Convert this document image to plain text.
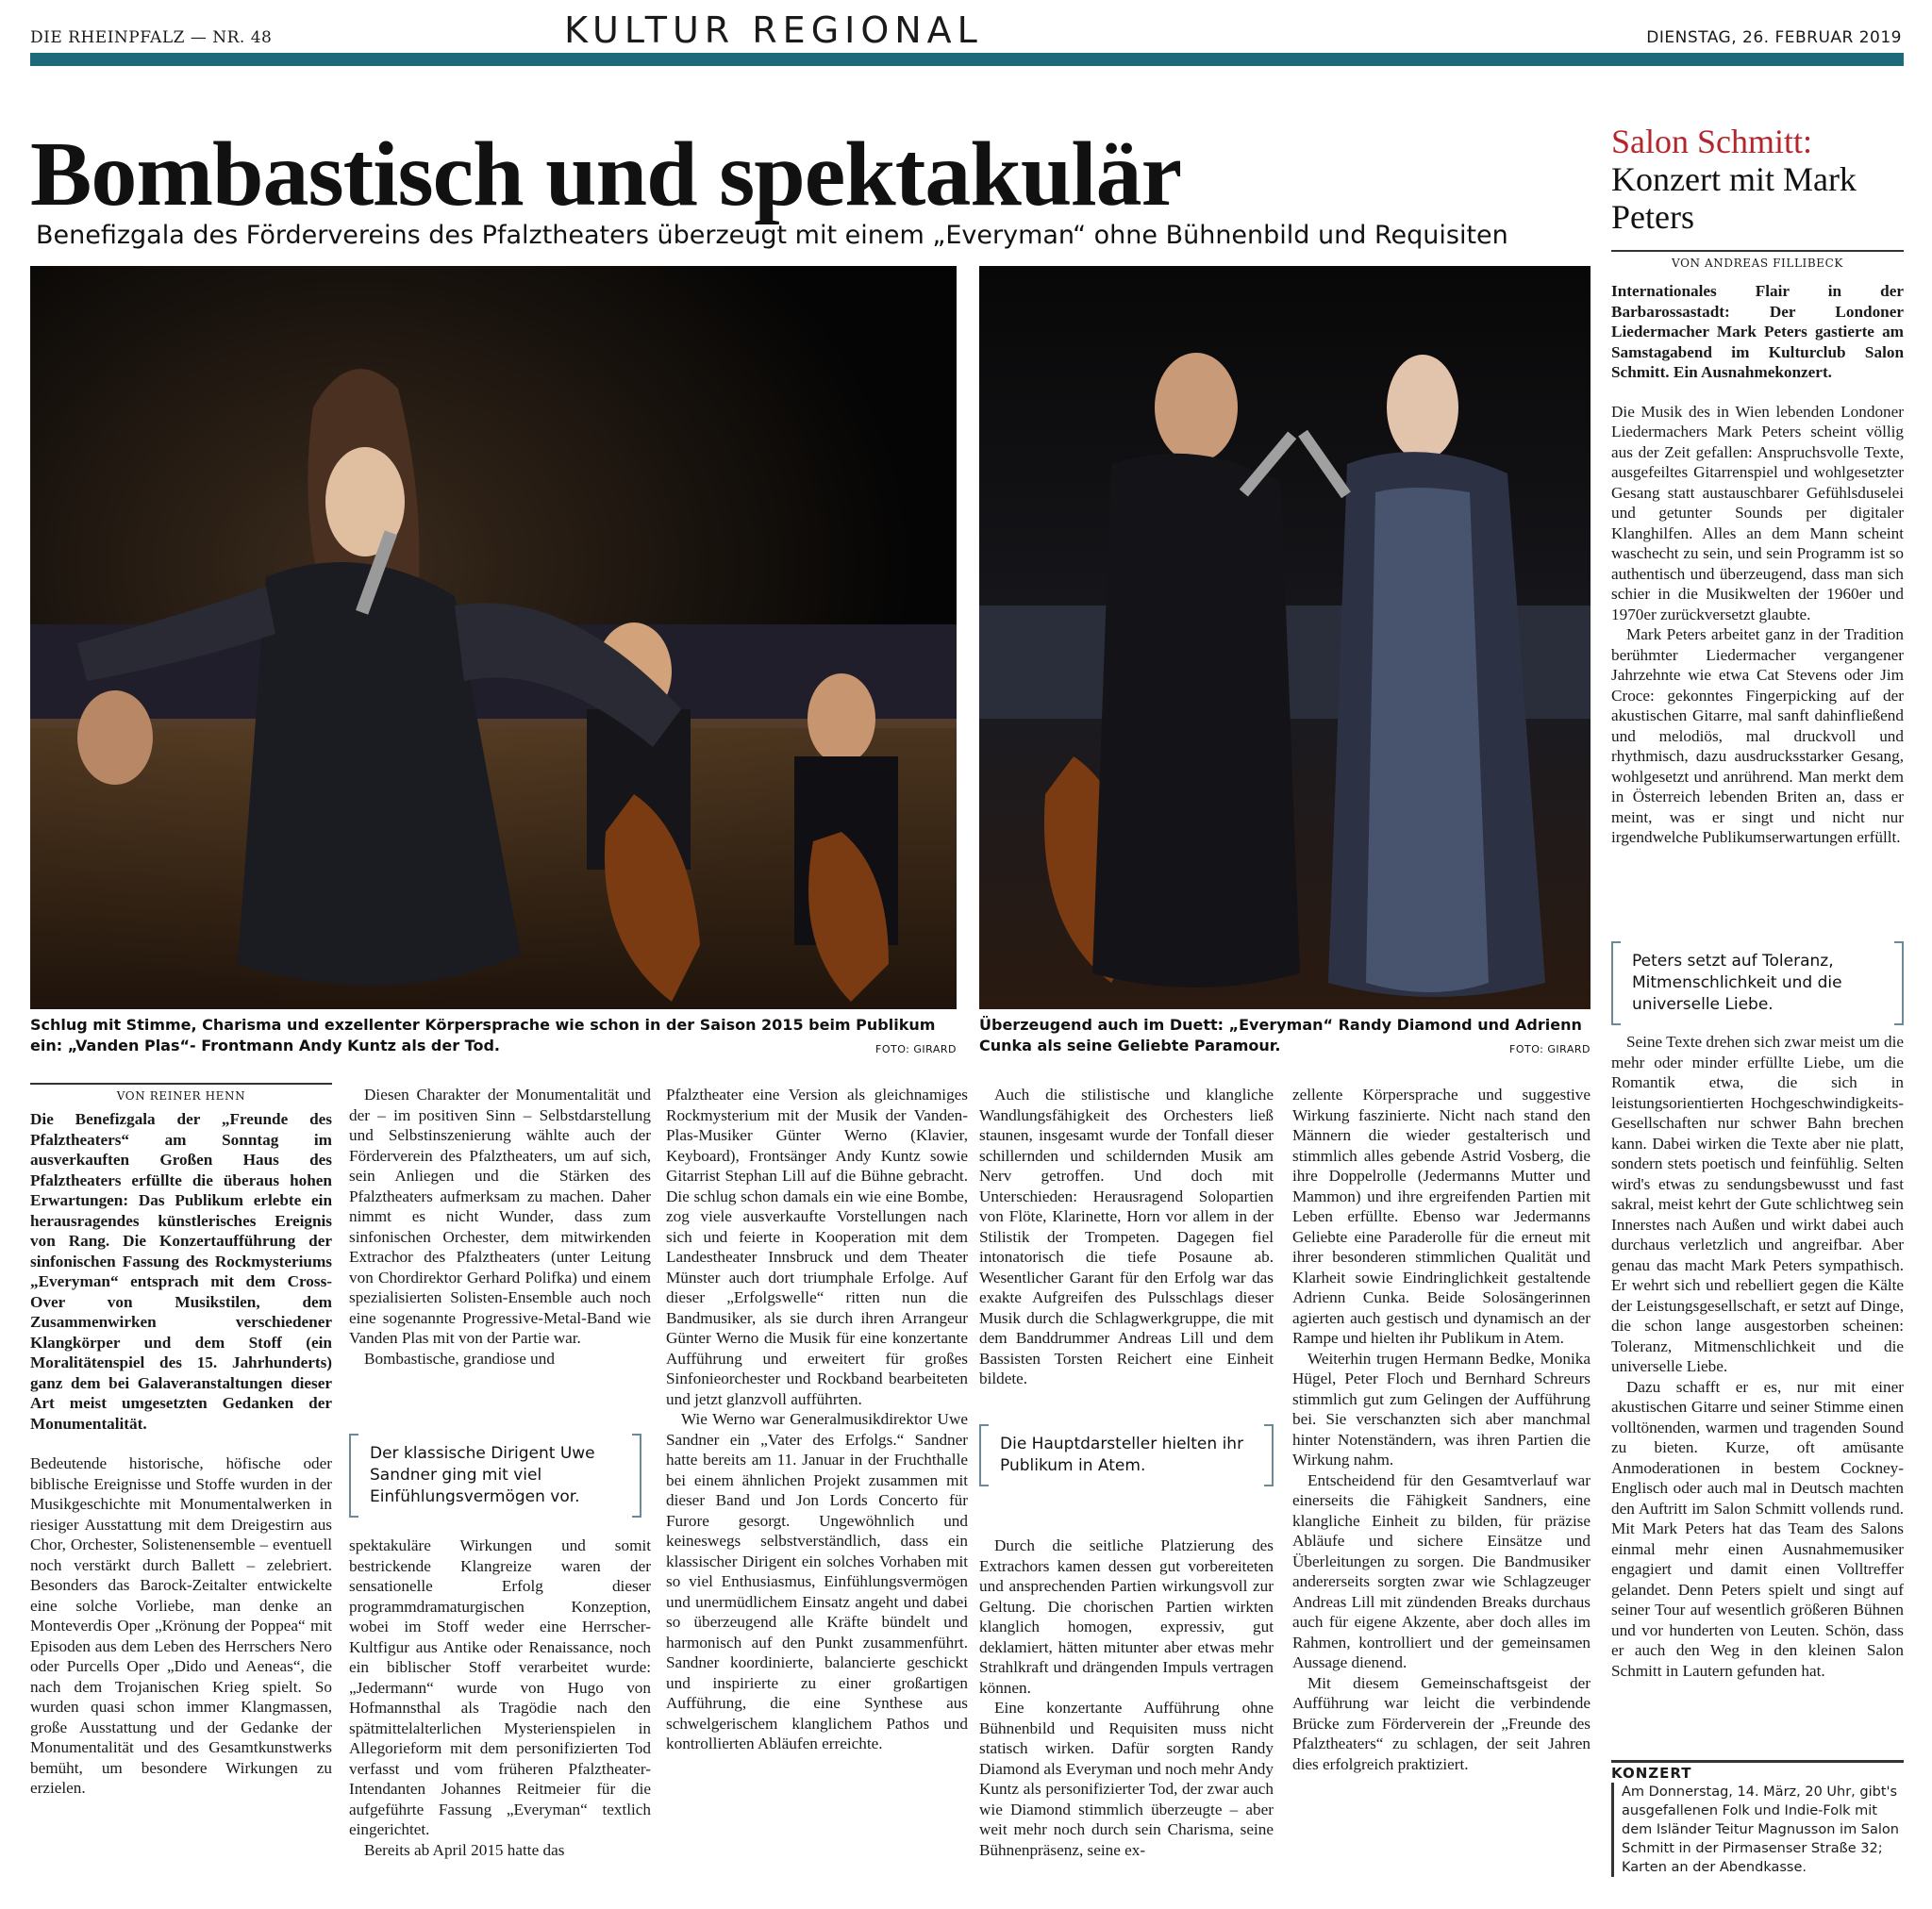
DIE RHEINPFALZ — NR. 48	KULTUR REGIONAL	DIENSTAG, 26. FEBRUAR 2019
Bombastisch und spektakulär
Benefizgala des Fördervereins des Pfalztheaters überzeugt mit einem „Everyman“ ohne Bühnenbild und Requisiten
Schlug mit Stimme, Charisma und exzellenter Körpersprache wie schon in der Saison 2015 beim Publikum ein: „Vanden Plas“- Frontmann Andy Kuntz als der Tod.	FOTO: GIRARD
Überzeugend auch im Duett: „Everyman“ Randy Diamond und Adrienn Cunka als seine Geliebte Paramour.	FOTO: GIRARD
Salon Schmitt:
Konzert mit Mark Peters
VON ANDREAS FILLIBECK

Internationales Flair in der Barbarossastadt: Der Londoner Liedermacher Mark Peters gastierte am Samstagabend im Kulturclub Salon Schmitt. Ein Ausnahmekonzert.

Die Musik des in Wien lebenden Londoner Liedermachers Mark Peters scheint völlig aus der Zeit gefallen: Anspruchsvolle Texte, ausgefeiltes Gitarrenspiel und wohlgesetzter Gesang statt austauschbarer Gefühlsduselei und getunter Sounds per digitaler Klanghilfen. Alles an dem Mann scheint waschecht zu sein, und sein Programm ist so authentisch und überzeugend, dass man sich schier in die Musikwelten der 1960er und 1970er zurückversetzt glaubte.

Mark Peters arbeitet ganz in der Tradition berühmter Liedermacher vergangener Jahrzehnte wie etwa Cat Stevens oder Jim Croce: gekonntes Fingerpicking auf der akustischen Gitarre, mal sanft dahinfließend und melodiös, mal druckvoll und rhythmisch, dazu ausdrucksstarker Gesang, wohlgesetzt und anrührend. Man merkt dem in Österreich lebenden Briten an, dass er meint, was er singt und nicht nur irgendwelche Publikumserwartungen erfüllt.

Peters setzt auf Toleranz, Mitmenschlichkeit und die universelle Liebe.

Seine Texte drehen sich zwar meist um die mehr oder minder erfüllte Liebe, um die Romantik etwa, die sich in leistungsorientierten Hochgeschwindigkeits-Gesellschaften nur schwer Bahn brechen kann. Dabei wirken die Texte aber nie platt, sondern stets poetisch und feinfühlig. Selten wird's etwas zu sendungsbewusst und fast sakral, meist kehrt der Gute schlichtweg sein Innerstes nach Außen und wirkt dabei auch durchaus verletzlich und angreifbar. Aber genau das macht Mark Peters sympathisch. Er wehrt sich und rebelliert gegen die Kälte der Leistungsgesellschaft, er setzt auf Dinge, die schon lange ausgestorben scheinen: Toleranz, Mitmenschlichkeit und die universelle Liebe.

Dazu schafft er es, nur mit einer akustischen Gitarre und seiner Stimme einen volltönenden, warmen und tragenden Sound zu bieten. Kurze, oft amüsante Anmoderationen in bestem Cockney-Englisch oder auch mal in Deutsch machten den Auftritt im Salon Schmitt vollends rund. Mit Mark Peters hat das Team des Salons einmal mehr einen Ausnahmemusiker engagiert und damit einen Volltreffer gelandet. Denn Peters spielt und singt auf seiner Tour auf wesentlich größeren Bühnen und vor hunderten von Leuten. Schön, dass er auch den Weg in den kleinen Salon Schmitt in Lautern gefunden hat.

KONZERT
Am Donnerstag, 14. März, 20 Uhr, gibt's ausgefallenen Folk und Indie-Folk mit dem Isländer Teitur Magnusson im Salon Schmitt in der Pirmasenser Straße 32; Karten an der Abendkasse.
VON REINER HENN

Die Benefizgala der „Freunde des Pfalztheaters“ am Sonntag im ausverkauften Großen Haus des Pfalztheaters erfüllte die überaus hohen Erwartungen: Das Publikum erlebte ein herausragendes künstlerisches Ereignis von Rang. Die Konzertaufführung der sinfonischen Fassung des Rockmysteriums „Everyman“ entsprach mit dem Cross-Over von Musikstilen, dem Zusammenwirken verschiedener Klangkörper und dem Stoff (ein Moralitätenspiel des 15. Jahrhunderts) ganz dem bei Galaveranstaltungen dieser Art meist umgesetzten Gedanken der Monumentalität.

Bedeutende historische, höfische oder biblische Ereignisse und Stoffe wurden in der Musikgeschichte mit Monumentalwerken in riesiger Ausstattung mit dem Dreigestirn aus Chor, Orchester, Solistenensemble – eventuell noch verstärkt durch Ballett – zelebriert. Besonders das Barock-Zeitalter entwickelte eine solche Vorliebe, man denke an Monteverdis Oper „Krönung der Poppea“ mit Episoden aus dem Leben des Herrschers Nero oder Purcells Oper „Dido und Aeneas“, die nach dem Trojanischen Krieg spielt. So wurden quasi schon immer Klangmassen, große Ausstattung und der Gedanke der Monumentalität und des Gesamtkunstwerks bemüht, um besondere Wirkungen zu erzielen.

Diesen Charakter der Monumentalität und der – im positiven Sinn – Selbstdarstellung und Selbstinszenierung wählte auch der Förderverein des Pfalztheaters, um auf sich, sein Anliegen und die Stärken des Pfalztheaters aufmerksam zu machen. Daher nimmt es nicht Wunder, dass zum sinfonischen Orchester, dem mitwirkenden Extrachor des Pfalztheaters (unter Leitung von Chordirektor Gerhard Polifka) und einem spezialisierten Solisten-Ensemble auch noch eine sogenannte Progressive-Metal-Band wie Vanden Plas mit von der Partie war.

Bombastische, grandiose und

Der klassische Dirigent Uwe Sandner ging mit viel Einfühlungsvermögen vor.

spektakuläre Wirkungen und somit bestrickende Klangreize waren der sensationelle Erfolg dieser programmdramaturgischen Konzeption, wobei im Stoff weder eine Herrscher-Kultfigur aus Antike oder Renaissance, noch ein biblischer Stoff verarbeitet wurde: „Jedermann“ wurde von Hugo von Hofmannsthal als Tragödie nach den spätmittelalterlichen Mysterienspielen in Allegorieform mit dem personifizierten Tod verfasst und vom früheren Pfalztheater-Intendanten Johannes Reitmeier für die aufgeführte Fassung „Everyman“ textlich eingerichtet.

Bereits ab April 2015 hatte das

Pfalztheater eine Version als gleichnamiges Rockmysterium mit der Musik der Vanden-Plas-Musiker Günter Werno (Klavier, Keyboard), Frontsänger Andy Kuntz sowie Gitarrist Stephan Lill auf die Bühne gebracht. Die schlug schon damals ein wie eine Bombe, zog viele ausverkaufte Vorstellungen nach sich und feierte in Kooperation mit dem Landestheater Innsbruck und dem Theater Münster auch dort triumphale Erfolge. Auf dieser „Erfolgswelle“ ritten nun die Bandmusiker, als sie durch ihren Arrangeur Günter Werno die Musik für eine konzertante Aufführung und erweitert für großes Sinfonieorchester und Rockband bearbeiteten und jetzt glanzvoll aufführten.

Wie Werno war Generalmusikdirektor Uwe Sandner ein „Vater des Erfolgs.“ Sandner hatte bereits am 11. Januar in der Fruchthalle bei einem ähnlichen Projekt zusammen mit dieser Band und Jon Lords Concerto für Furore gesorgt. Ungewöhnlich und keineswegs selbstverständlich, dass ein klassischer Dirigent ein solches Vorhaben mit so viel Enthusiasmus, Einfühlungsvermögen und unermüdlichem Einsatz angeht und dabei so überzeugend alle Kräfte bündelt und harmonisch auf den Punkt zusammenführt. Sandner koordinierte, balancierte geschickt und inspirierte zu einer großartigen Aufführung, die eine Synthese aus schwelgerischem klanglichem Pathos und kontrollierten Abläufen erreichte.

Auch die stilistische und klangliche Wandlungsfähigkeit des Orchesters ließ staunen, insgesamt wurde der Tonfall dieser schillernden und schildernden Musik am Nerv getroffen. Und doch mit Unterschieden: Herausragend Solopartien von Flöte, Klarinette, Horn vor allem in der Stilistik der Trompeten. Dagegen fiel intonatorisch die tiefe Posaune ab. Wesentlicher Garant für den Erfolg war das exakte Aufgreifen des Pulsschlags dieser Musik durch die Schlagwerkgruppe, die mit dem Banddrummer Andreas Lill und dem Bassisten Torsten Reichert eine Einheit bildete.

Die Hauptdarsteller hielten ihr Publikum in Atem.

Durch die seitliche Platzierung des Extrachors kamen dessen gut vorbereiteten und ansprechenden Partien wirkungsvoll zur Geltung. Die chorischen Partien wirkten klanglich homogen, expressiv, gut deklamiert, hätten mitunter aber etwas mehr Strahlkraft und drängenden Impuls vertragen können.

Eine konzertante Aufführung ohne Bühnenbild und Requisiten muss nicht statisch wirken. Dafür sorgten Randy Diamond als Everyman und noch mehr Andy Kuntz als personifizierter Tod, der zwar auch wie Diamond stimmlich überzeugte – aber weit mehr noch durch sein Charisma, seine Bühnenpräsenz, seine ex-

zellente Körpersprache und suggestive Wirkung faszinierte. Nicht nach stand den Männern die wieder gestalterisch und stimmlich alles gebende Astrid Vosberg, die ihre Doppelrolle (Jedermanns Mutter und Mammon) und ihre ergreifenden Partien mit Leben erfüllte. Ebenso war Jedermanns Geliebte eine Paraderolle für die erneut mit ihrer besonderen stimmlichen Qualität und Klarheit sowie Eindringlichkeit gestaltende Adrienn Cunka. Beide Solosängerinnen agierten auch gestisch und dynamisch an der Rampe und hielten ihr Publikum in Atem.

Weiterhin trugen Hermann Bedke, Monika Hügel, Peter Floch und Bernhard Schreurs stimmlich gut zum Gelingen der Aufführung bei. Sie verschanzten sich aber manchmal hinter Notenständern, was ihren Partien die Wirkung nahm.

Entscheidend für den Gesamtverlauf war einerseits die Fähigkeit Sandners, eine klangliche Einheit zu bilden, für präzise Abläufe und sichere Einsätze und Überleitungen zu sorgen. Die Bandmusiker andererseits sorgten zwar wie Schlagzeuger Andreas Lill mit zündenden Breaks durchaus auch für eigene Akzente, aber doch alles im Rahmen, kontrolliert und der gemeinsamen Aussage dienend.

Mit diesem Gemeinschaftsgeist der Aufführung war leicht die verbindende Brücke zum Förderverein der „Freunde des Pfalztheaters“ zu schlagen, der seit Jahren dies erfolgreich praktiziert.
